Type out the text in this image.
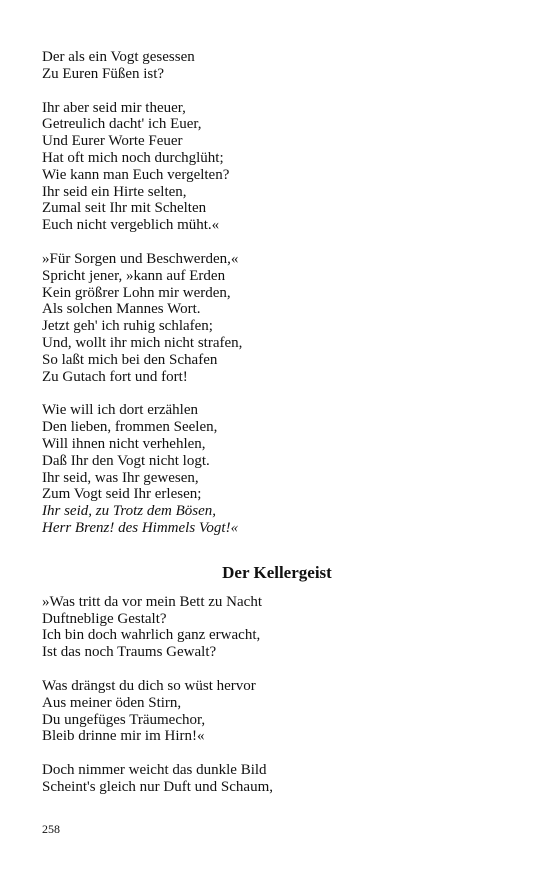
Der als ein Vogt gesessen
Zu Euren Füßen ist?
Ihr aber seid mir theuer,
Getreulich dacht' ich Euer,
Und Eurer Worte Feuer
Hat oft mich noch durchglüht;
Wie kann man Euch vergelten?
Ihr seid ein Hirte selten,
Zumal seit Ihr mit Schelten
Euch nicht vergeblich müht.«
»Für Sorgen und Beschwerden,«
Spricht jener, »kann auf Erden
Kein größrer Lohn mir werden,
Als solchen Mannes Wort.
Jetzt geh' ich ruhig schlafen;
Und, wollt ihr mich nicht strafen,
So laßt mich bei den Schafen
Zu Gutach fort und fort!
Wie will ich dort erzählen
Den lieben, frommen Seelen,
Will ihnen nicht verhehlen,
Daß Ihr den Vogt nicht logt.
Ihr seid, was Ihr gewesen,
Zum Vogt seid Ihr erlesen;
Ihr seid, zu Trotz dem Bösen,
Herr Brenz! des Himmels Vogt!«
Der Kellergeist
»Was tritt da vor mein Bett zu Nacht
Duftneblige Gestalt?
Ich bin doch wahrlich ganz erwacht,
Ist das noch Traums Gewalt?
Was drängst du dich so wüst hervor
Aus meiner öden Stirn,
Du ungefüges Träumechor,
Bleib drinne mir im Hirn!«
Doch nimmer weicht das dunkle Bild
Scheint's gleich nur Duft und Schaum,
258
